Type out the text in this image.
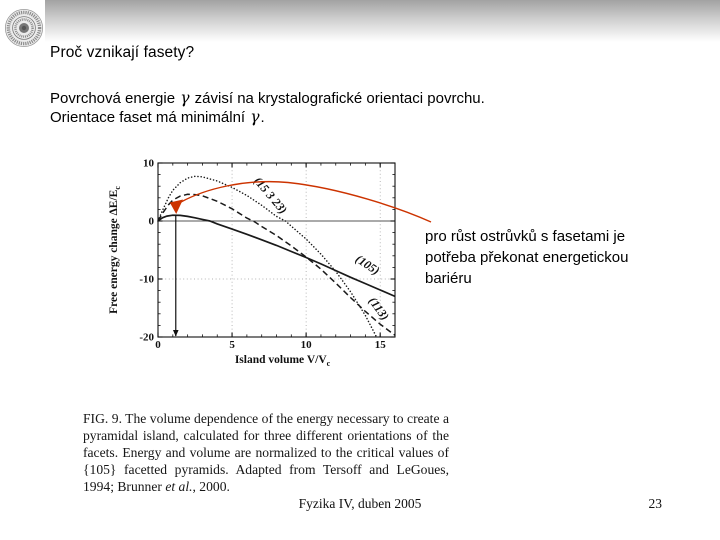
Proč vznikají fasety?
Povrchová energie γ závisí na krystalografické orientaci povrchu.
Orientace faset má minimální γ.
0	5	10	15
10
0
-10
-20
(15 3 23)
(105)
(113)
Island volume $V/V_c$
Free energy change $\Delta E/E_c$
pro růst ostrůvků s fasetami je
potřeba překonat energetickou
bariéru

FIG. 9. The volume dependence of the energy necessary to create a pyramidal island, calculated for three different orientations of the facets. Energy and volume are normalized to the critical values of {105} facetted pyramids. Adapted from Tersoff and LeGoues, 1994; Brunner et al., 2000.

Fyzika IV, duben 2005	23
